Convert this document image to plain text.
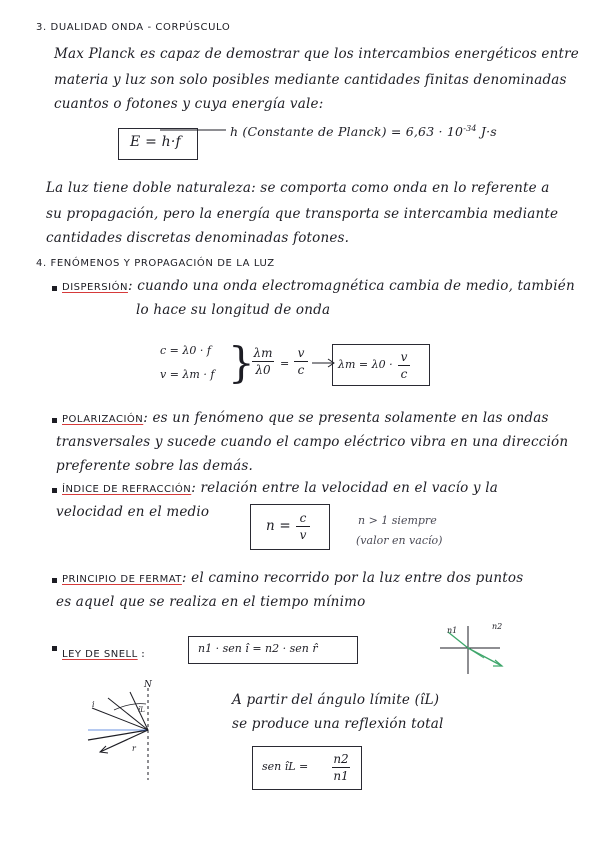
3. DUALIDAD ONDA - CORPÚSCULO
Max Planck es capaz de demostrar que los intercambios energéticos entre
materia y luz son solo posibles mediante cantidades finitas denominadas
cuantos o fotones y cuya energía vale:
E = h·f
h (Constante de Planck) = $6,63 \cdot 10^{-34}$ J·s
La luz tiene doble naturaleza: se comporta como onda en lo referente a
su propagación, pero la energía que transporta se intercambia mediante
cantidades discretas denominadas fotones.
4. FENÓMENOS Y PROPAGACIÓN DE LA LUZ
DISPERSIÓN: cuando una onda electromagnética cambia de medio, también
lo hace su longitud de onda
c = λ0 · f
v = λm · f }
λm
λ0 =
v
c	λm = λ0 ·
v
c
POLARIZACIÓN: es un fenómeno que se presenta solamente en las ondas
transversales y sucede cuando el campo eléctrico vibra en una dirección
preferente sobre las demás.
ÍNDICE DE REFRACCIÓN: relación entre la velocidad en el vacío y la
velocidad en el medio
n = c
v
n > 1 siempre
(valor en vacío)
PRINCIPIO DE FERMAT: el camino recorrido por la luz entre dos puntos
es aquel que se realiza en el tiempo mínimo
LEY DE SNELL :	n1 · sen î = n2 · sen r̂
n1	n2
N
i
îL
r
A partir del ángulo límite (îL)
se produce una reflexión total
sen îL =
n2
n1
